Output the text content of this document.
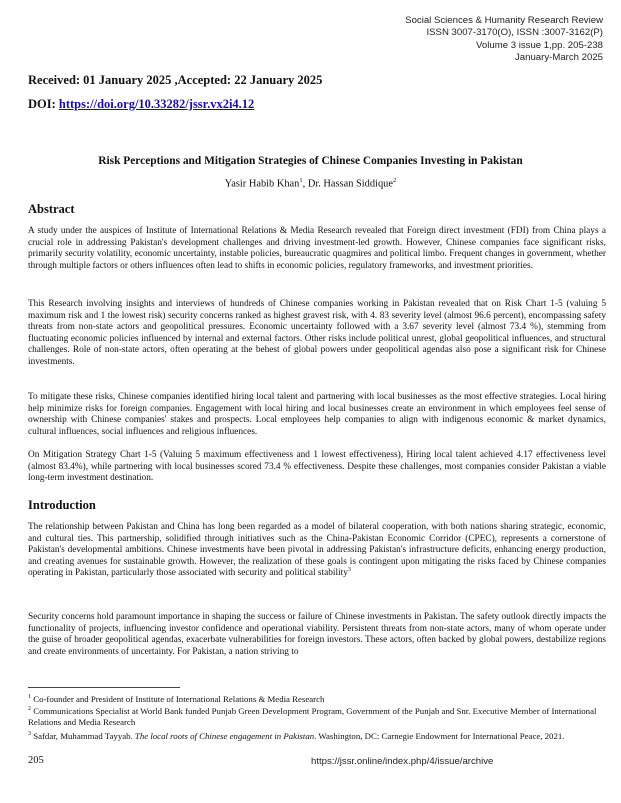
Social Sciences & Humanity Research Review
ISSN 3007-3170(O), ISSN :3007-3162(P)
Volume 3 issue 1,pp. 205-238
January-March 2025
Received: 01 January 2025 ,Accepted: 22 January 2025
DOI: https://doi.org/10.33282/jssr.vx2i4.12
Risk Perceptions and Mitigation Strategies of Chinese Companies Investing in Pakistan
Yasir Habib Khan$^1$, Dr. Hassan Siddique$^2$
Abstract

A study under the auspices of Institute of International Relations & Media Research revealed that Foreign direct investment (FDI) from China plays a crucial role in addressing Pakistan's development challenges and driving investment-led growth. However, Chinese companies face significant risks, primarily security volatility, economic uncertainty, instable policies, bureaucratic quagmires and political limbo. Frequent changes in government, whether through multiple factors or others influences often lead to shifts in economic policies, regulatory frameworks, and investment priorities.

This Research involving insights and interviews of hundreds of Chinese companies working in Pakistan revealed that on Risk Chart 1-5 (valuing 5 maximum risk and 1 the lowest risk) security concerns ranked as highest gravest risk, with 4. 83 severity level (almost 96.6 percent), encompassing safety threats from non-state actors and geopolitical pressures. Economic uncertainty followed with a 3.67 severity level (almost 73.4 %), stemming from fluctuating economic policies influenced by internal and external factors. Other risks include political unrest, global geopolitical influences, and structural challenges. Role of non-state actors, often operating at the behest of global powers under geopolitical agendas also pose a significant risk for Chinese investments.

To mitigate these risks, Chinese companies identified hiring local talent and partnering with local businesses as the most effective strategies. Local hiring help minimize risks for foreign companies. Engagement with local hiring and local businesses create an environment in which employees feel sense of ownership with Chinese companies' stakes and prospects. Local employees help companies to align with indigenous economic & market dynamics, cultural influences, social influences and religious influences.

On Mitigation Strategy Chart 1-5 (Valuing 5 maximum effectiveness and 1 lowest effectiveness), Hiring local talent achieved 4.17 effectiveness level (almost 83.4%), while partnering with local businesses scored 73.4 % effectiveness. Despite these challenges, most companies consider Pakistan a viable long-term investment destination.

Introduction

The relationship between Pakistan and China has long been regarded as a model of bilateral cooperation, with both nations sharing strategic, economic, and cultural ties. This partnership, solidified through initiatives such as the China-Pakistan Economic Corridor (CPEC), represents a cornerstone of Pakistan's developmental ambitions. Chinese investments have been pivotal in addressing Pakistan's infrastructure deficits, enhancing energy production, and creating avenues for sustainable growth. However, the realization of these goals is contingent upon mitigating the risks faced by Chinese companies operating in Pakistan, particularly those associated with security and political stability$^3$

Security concerns hold paramount importance in shaping the success or failure of Chinese investments in Pakistan. The safety outlook directly impacts the functionality of projects, influencing investor confidence and operational viability. Persistent threats from non-state actors, many of whom operate under the guise of broader geopolitical agendas, exacerbate vulnerabilities for foreign investors. These actors, often backed by global powers, destabilize regions and create environments of uncertainty. For Pakistan, a nation striving to

$^1$ Co-founder and President of Institute of International Relations & Media Research

$^2$ Communications Specialist at World Bank funded Punjab Green Development Program, Government of the Punjab and Snr. Executive Member of International Relations and Media Research

$^3$ Safdar, Muhammad Tayyab. The local roots of Chinese engagement in Pakistan. Washington, DC: Carnegie Endowment for International Peace, 2021.

205	https://jssr.online/index.php/4/issue/archive
